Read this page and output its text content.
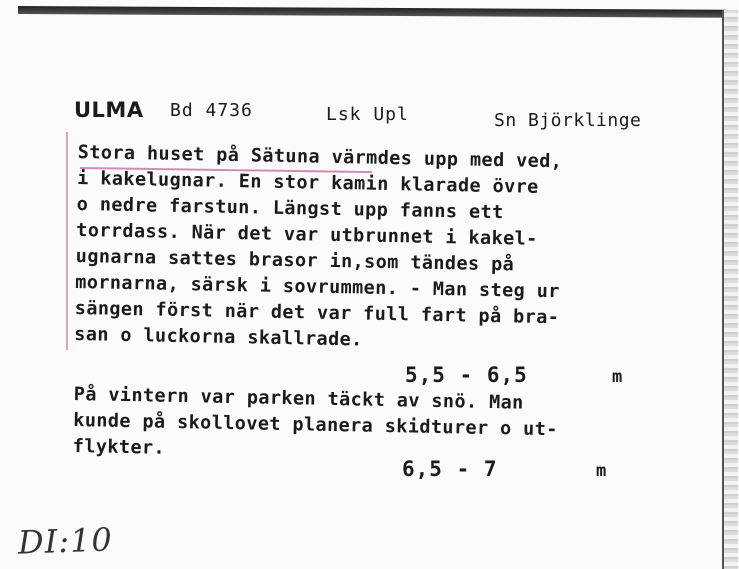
ULMA Bd 4736	Lsk Upl	Sn Björklinge
Stora huset på Sätuna värmdes upp med ved,
i kakelugnar. En stor kamin klarade övre
o nedre farstun. Längst upp fanns ett
torrdass. När det var utbrunnet i kakel-
ugnarna sattes brasor in,som tändes på
mornarna, särsk i sovrummen. - Man steg ur
sängen först när det var full fart på bra-
san o luckorna skallrade.
5,5 - 6,5	m
På vintern var parken täckt av snö. Man
kunde på skollovet planera skidturer o ut-
flykter.
6,5 - 7	m
DI:10
